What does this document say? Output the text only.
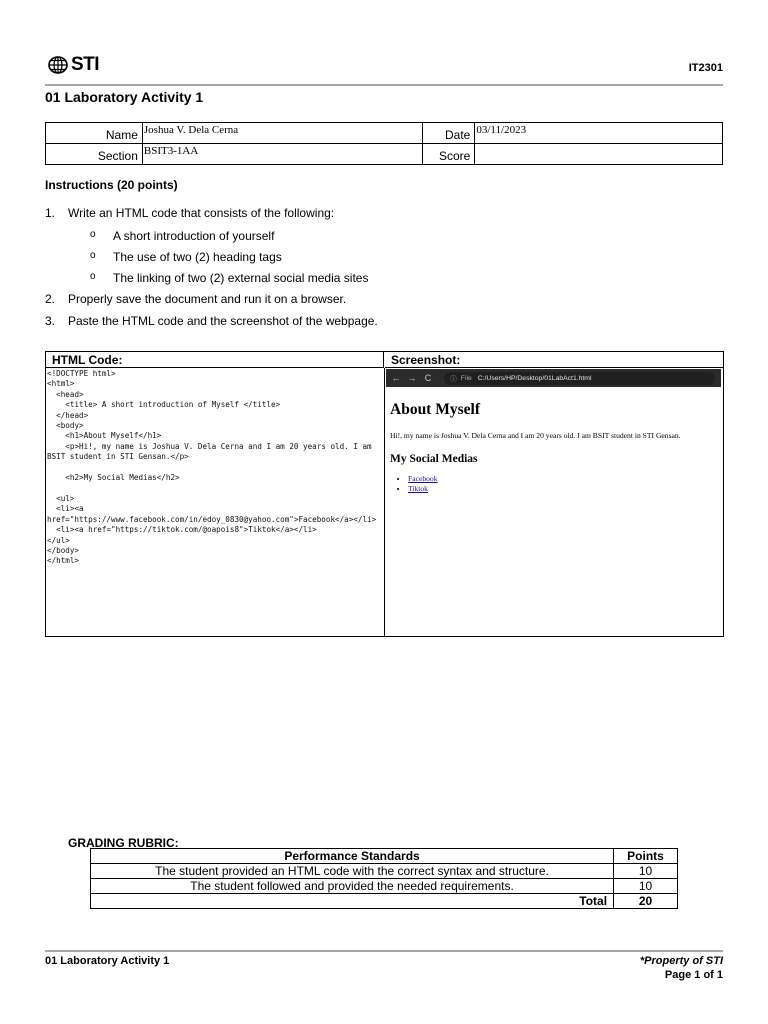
STI	IT2301
01 Laboratory Activity 1
Name	Joshua V. Dela Cerna	Date	03/11/2023
Section	BSIT3-1AA	Score	
Instructions (20 points)
1. Write an HTML code that consists of the following:
o A short introduction of yourself
o The use of two (2) heading tags
o The linking of two (2) external social media sites
2. Properly save the document and run it on a browser.
3. Paste the HTML code and the screenshot of the webpage.
HTML Code:	Screenshot:
<!DOCTYPE html>
<html>
<head>
<title> A short introduction of Myself </title>
</head>
<body>
<h1>About Myself</h1>
<p>Hi!, my name is Joshua V. Dela Cerna and I am 20 years old. I am BSIT student in STI Gensan.</p>

<h2>My Social Medias</h2>

<ul>
<li><a href="https://www.facebook.com/in/edoy_0830@yahoo.com">Facebook</a></li>
<li><a href="https://tiktok.com/@oapois8">Tiktok</a></li>
</ul>
</body>
</html>
← → C	ⓘ File C:/Users/HP/Desktop/01LabAct1.html
About Myself

Hi!, my name is Joshua V. Dela Cerna and I am 20 years old. I am BSIT student in STI Gensan.

My Social Medias
• Facebook
• Tiktok
GRADING RUBRIC:
Performance Standards	Points
The student provided an HTML code with the correct syntax and structure.	10
The student followed and provided the needed requirements.	10
Total	20
01 Laboratory Activity 1	*Property of STI
Page 1 of 1
